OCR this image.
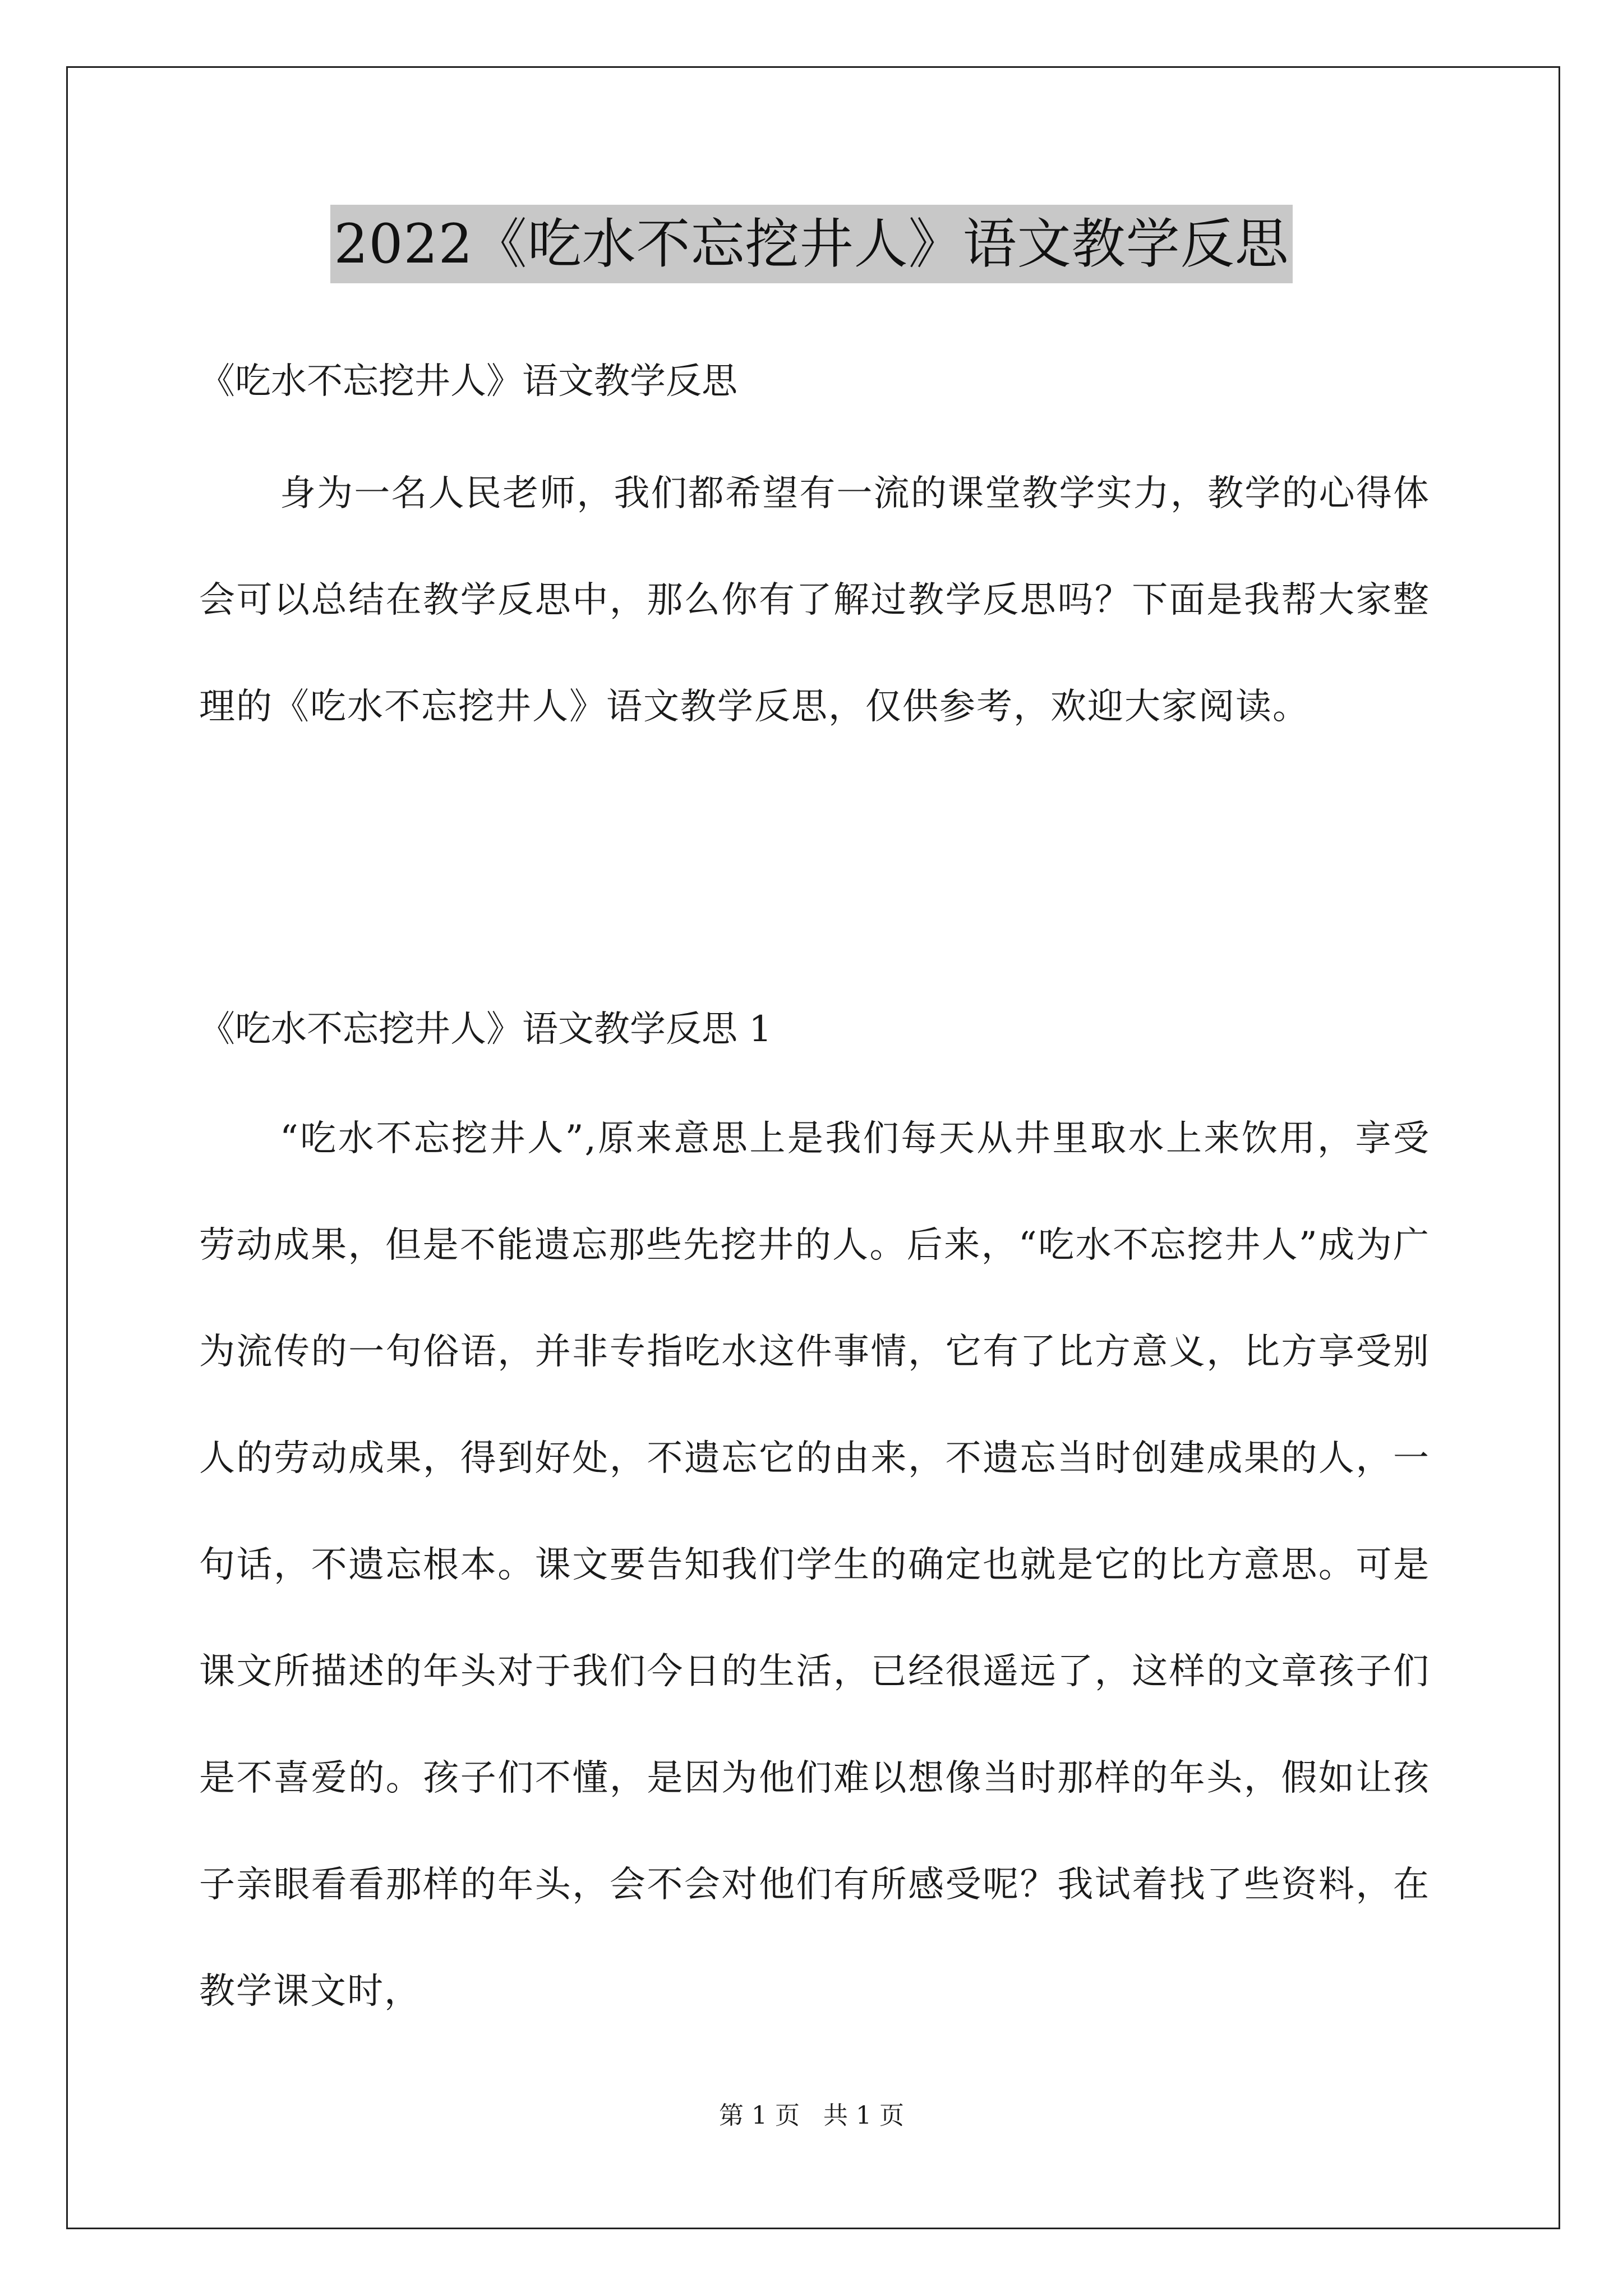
2022《吃水不忘挖井人》语文教学反思
《吃水不忘挖井人》语文教学反思
身为一名人民老师，我们都希望有一流的课堂教学实力，教学的心得体会可以总结在教学反思中，那么你有了解过教学反思吗？下面是我帮大家整理的《吃水不忘挖井人》语文教学反思，仅供参考，欢迎大家阅读。
《吃水不忘挖井人》语文教学反思 1
“吃水不忘挖井人”,原来意思上是我们每天从井里取水上来饮用，享受劳动成果，但是不能遗忘那些先挖井的人。后来，“吃水不忘挖井人”成为广为流传的一句俗语，并非专指吃水这件事情，它有了比方意义，比方享受别人的劳动成果，得到好处，不遗忘它的由来，不遗忘当时创建成果的人，一句话，不遗忘根本。课文要告知我们学生的确定也就是它的比方意思。可是课文所描述的年头对于我们今日的生活，已经很遥远了，这样的文章孩子们是不喜爱的。孩子们不懂，是因为他们难以想像当时那样的年头，假如让孩子亲眼看看那样的年头，会不会对他们有所感受呢？我试着找了些资料，在教学课文时，
第 1 页 共 1 页
